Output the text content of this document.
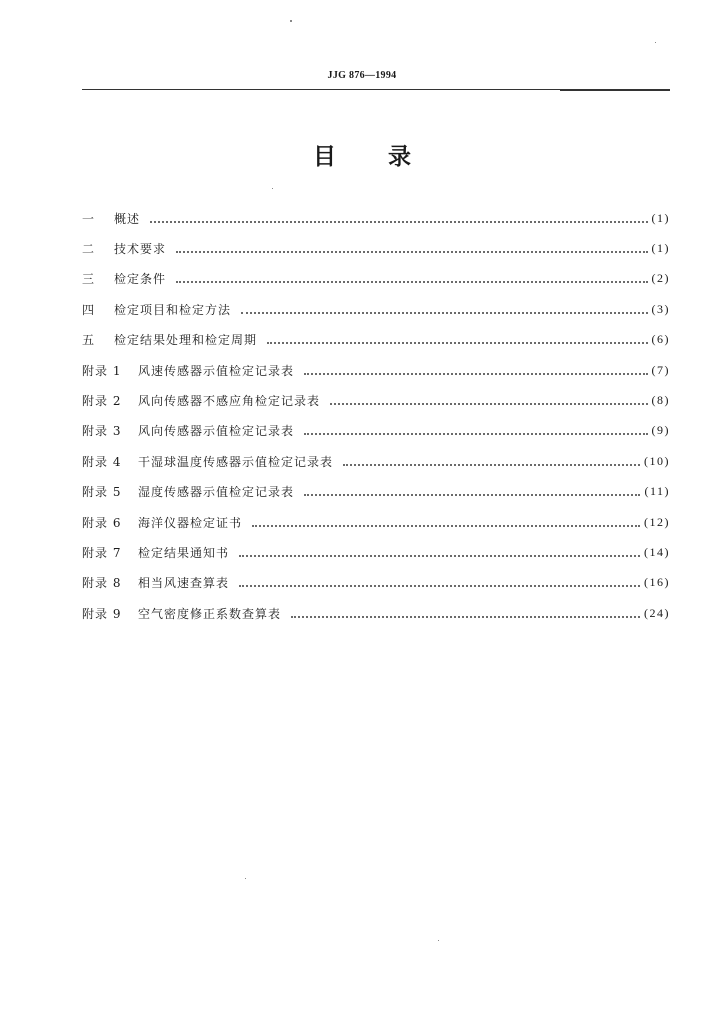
JJG 876—1994
目 录
一	概述	(1)
二	技术要求	(1)
三	检定条件	(2)
四	检定项目和检定方法	(3)
五	检定结果处理和检定周期	(6)
附录 1	风速传感器示值检定记录表	(7)
附录 2	风向传感器不感应角检定记录表	(8)
附录 3	风向传感器示值检定记录表	(9)
附录 4	干湿球温度传感器示值检定记录表	(10)
附录 5	湿度传感器示值检定记录表	(11)
附录 6	海洋仪器检定证书	(12)
附录 7	检定结果通知书	(14)
附录 8	相当风速查算表	(16)
附录 9	空气密度修正系数查算表	(24)
